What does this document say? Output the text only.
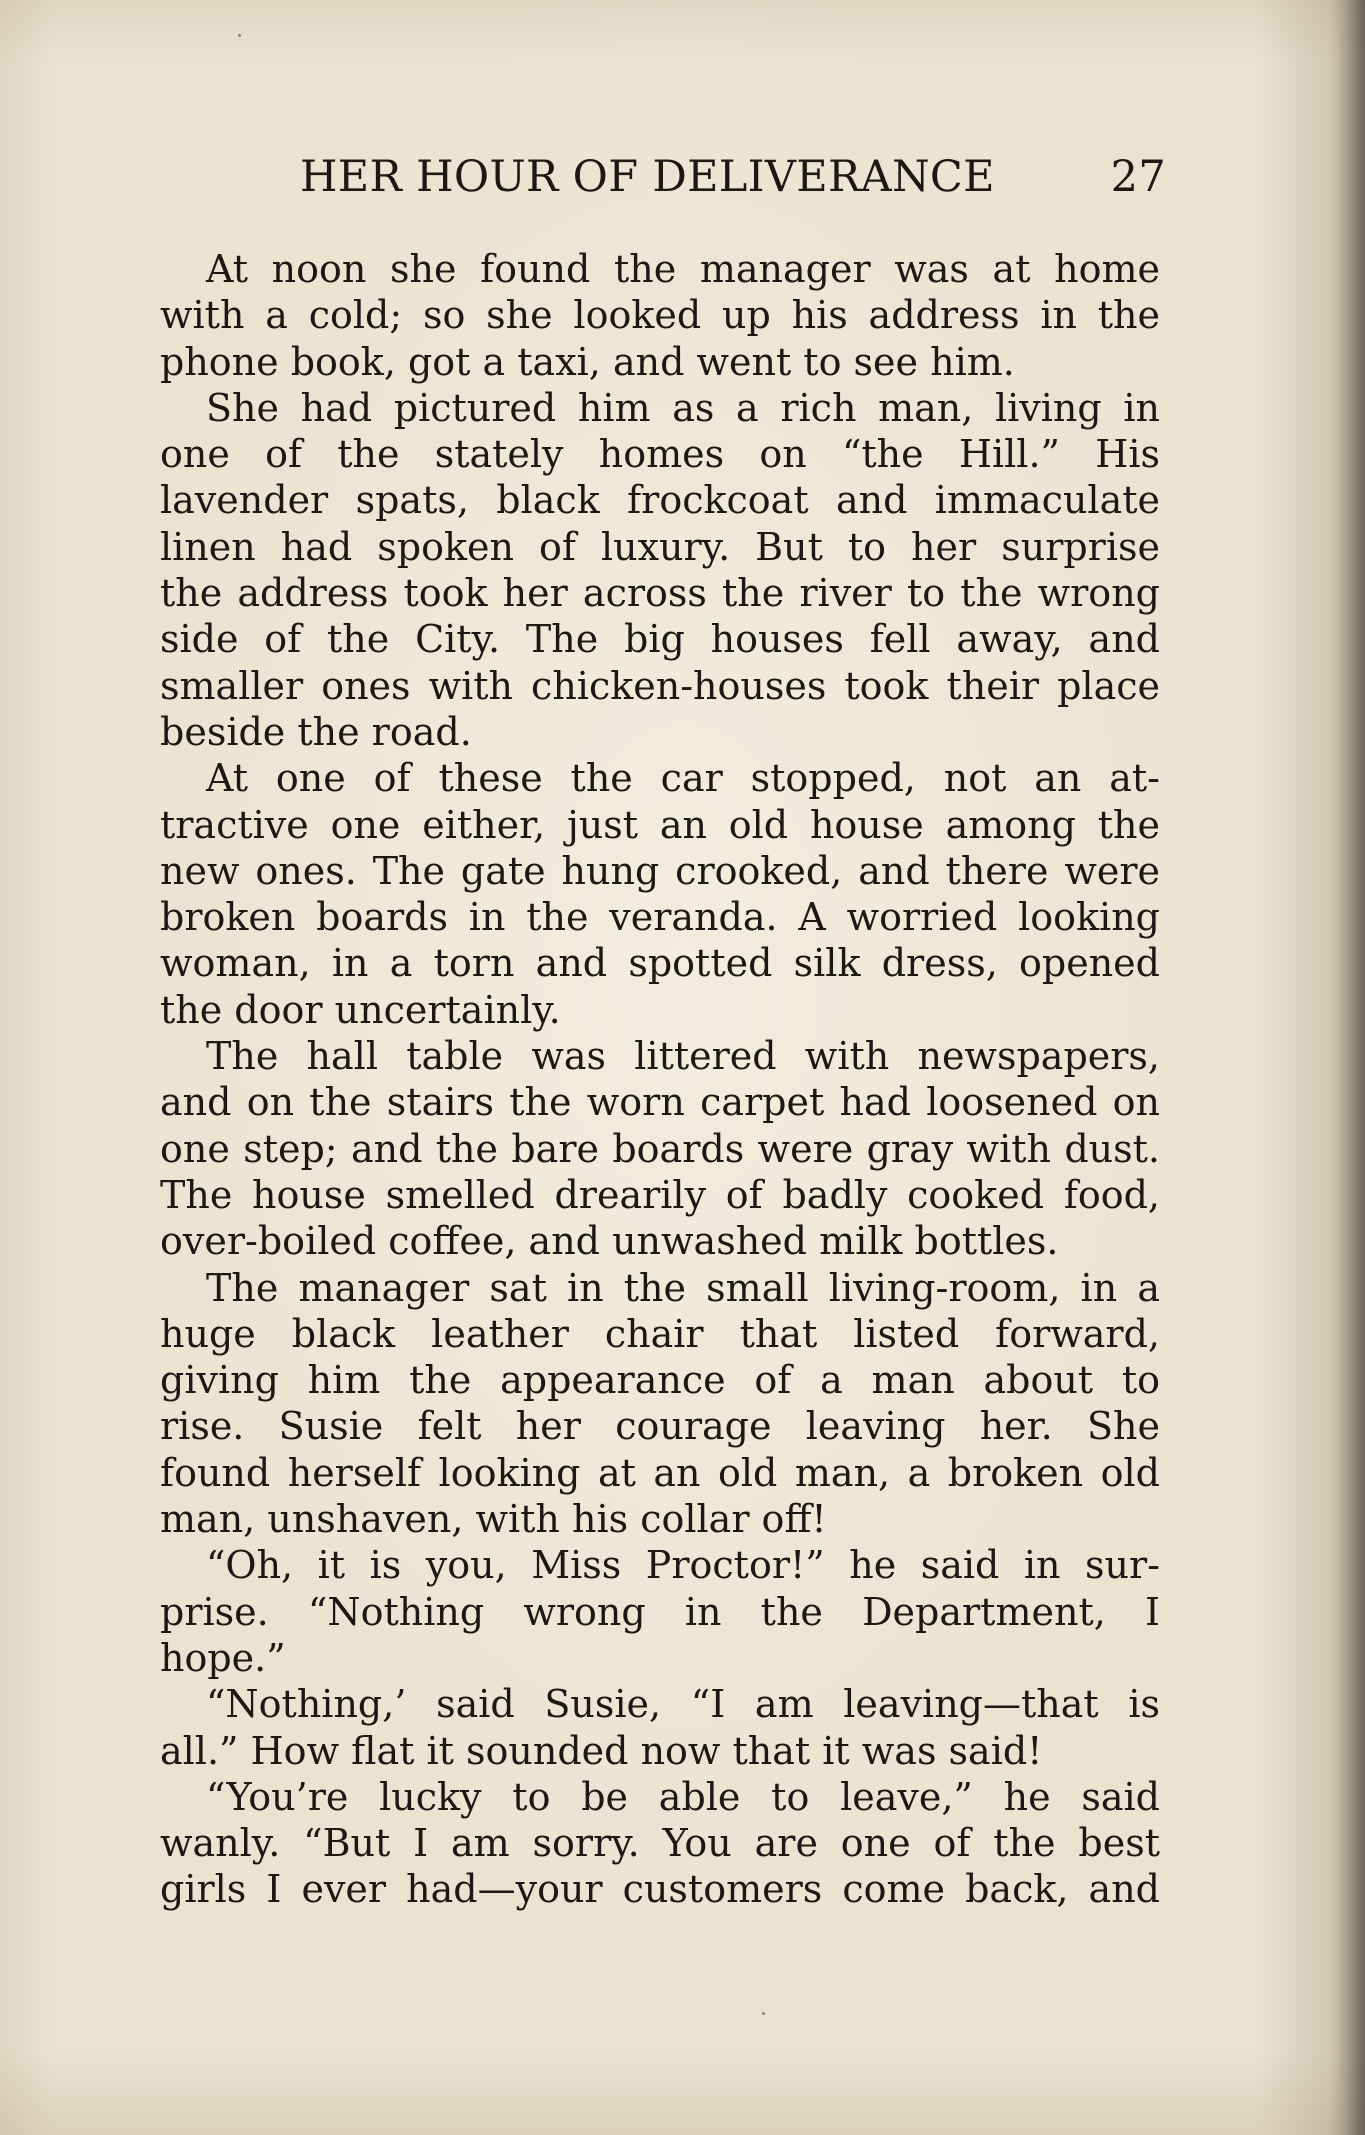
HER HOUR OF DELIVERANCE	27
At noon she found the manager was at home
with a cold; so she looked up his address in the
phone book, got a taxi, and went to see him.
She had pictured him as a rich man, living in
one of the stately homes on “the Hill.” His
lavender spats, black frockcoat and immaculate
linen had spoken of luxury. But to her surprise
the address took her across the river to the wrong
side of the City. The big houses fell away, and
smaller ones with chicken-houses took their place
beside the road.
At one of these the car stopped, not an at-
tractive one either, just an old house among the
new ones. The gate hung crooked, and there were
broken boards in the veranda. A worried looking
woman, in a torn and spotted silk dress, opened
the door uncertainly.
The hall table was littered with newspapers,
and on the stairs the worn carpet had loosened on
one step; and the bare boards were gray with dust.
The house smelled drearily of badly cooked food,
over-boiled coffee, and unwashed milk bottles.
The manager sat in the small living-room, in a
huge black leather chair that listed forward,
giving him the appearance of a man about to
rise. Susie felt her courage leaving her. She
found herself looking at an old man, a broken old
man, unshaven, with his collar off!
“Oh, it is you, Miss Proctor!” he said in sur-
prise. “Nothing wrong in the Department, I
hope.”
“Nothing,’ said Susie, “I am leaving—that is
all.” How flat it sounded now that it was said!
“You’re lucky to be able to leave,” he said
wanly. “But I am sorry. You are one of the best
girls I ever had—your customers come back, and
